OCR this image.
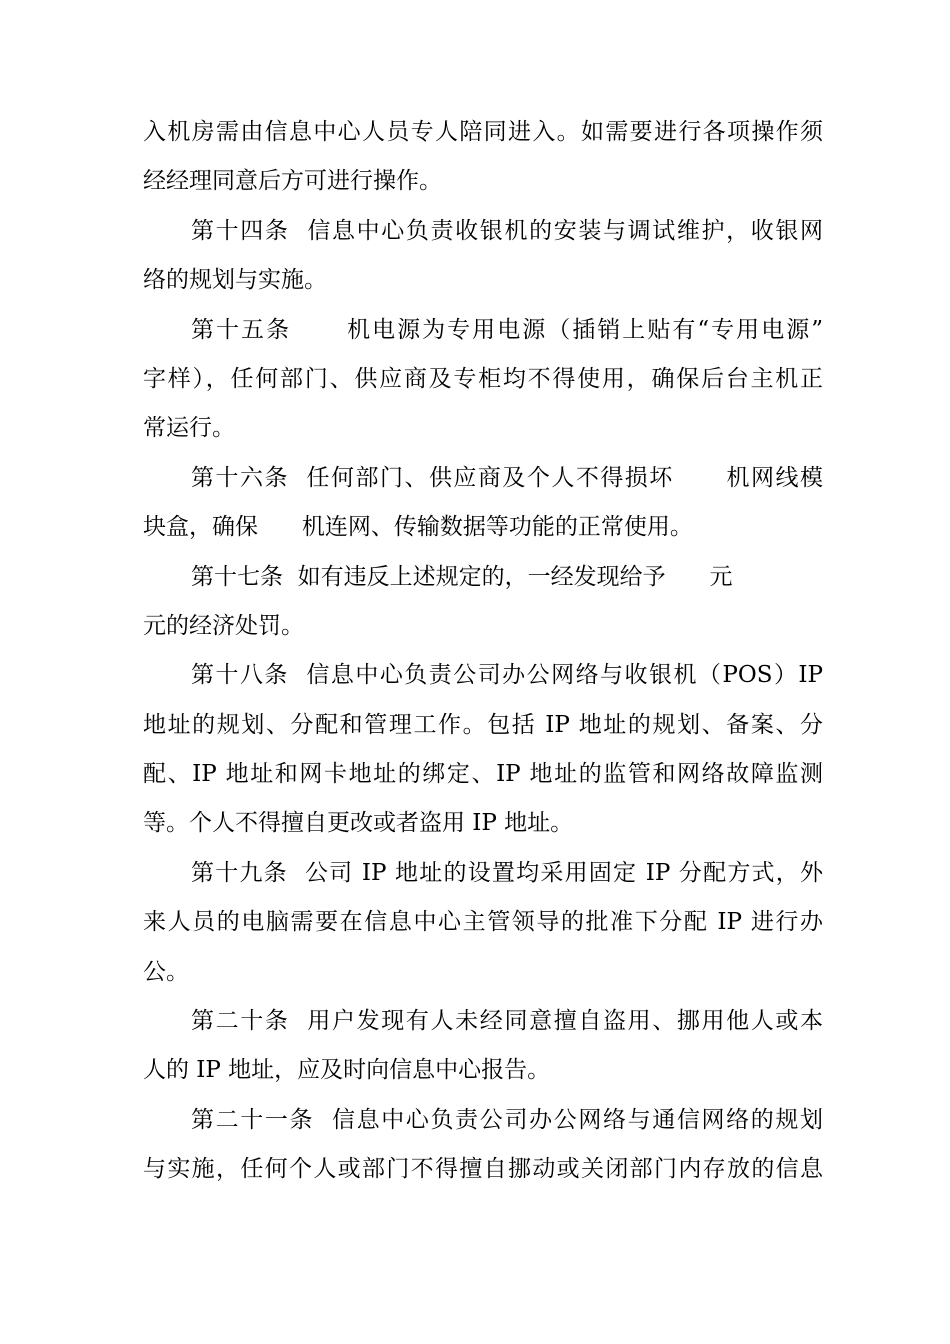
入机房需由信息中心人员专人陪同进入。如需要进行各项操作须
经经理同意后方可进行操作。
第十四条  信息中心负责收银机的安装与调试维护，收银网
络的规划与实施。
第十五条      机电源为专用电源（插销上贴有“专用电源”
字样），任何部门、供应商及专柜均不得使用，确保后台主机正
常运行。
第十六条  任何部门、供应商及个人不得损坏      机网线模
块盒，确保      机连网、传输数据等功能的正常使用。
第十七条  如有违反上述规定的，一经发现给予      元
元的经济处罚。
第十八条  信息中心负责公司办公网络与收银机（POS）IP
地址的规划、分配和管理工作。包括 IP 地址的规划、备案、分
配、IP 地址和网卡地址的绑定、IP 地址的监管和网络故障监测
等。个人不得擅自更改或者盗用 IP 地址。
第十九条  公司 IP 地址的设置均采用固定 IP 分配方式，外
来人员的电脑需要在信息中心主管领导的批准下分配 IP 进行办
公。
第二十条  用户发现有人未经同意擅自盗用、挪用他人或本
人的 IP 地址，应及时向信息中心报告。
第二十一条  信息中心负责公司办公网络与通信网络的规划
与实施，任何个人或部门不得擅自挪动或关闭部门内存放的信息
